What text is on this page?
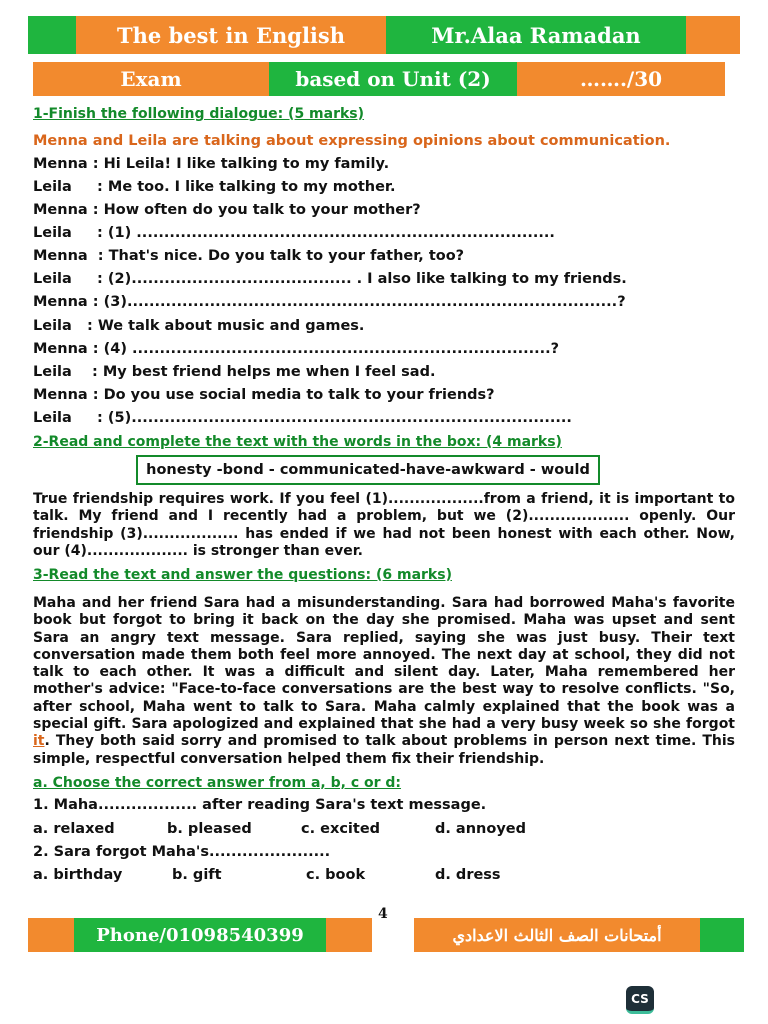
The best in English	Mr.Alaa Ramadan
Exam	based on Unit (2)	……./30
1-Finish the following dialogue: (5 marks)
Menna and Leila are talking about expressing opinions about communication.
Menna : Hi Leila! I like talking to my family.
Leila     : Me too. I like talking to my mother.
Menna : How often do you talk to your mother?
Leila     : (1) ............................................................................
Menna  : That's nice. Do you talk to your father, too?
Leila     : (2)........................................ . I also like talking to my friends.
Menna : (3).........................................................................................?
Leila   : We talk about music and games.
Menna : (4) ............................................................................?
Leila    : My best friend helps me when I feel sad.
Menna : Do you use social media to talk to your friends?
Leila     : (5)................................................................................
2-Read and complete the text with the words in the box: (4 marks)
honesty -bond - communicated-have-awkward - would
True friendship requires work. If you feel (1)..................from a friend, it is important to talk. My friend and I recently had a problem, but we (2)................... openly. Our friendship (3).................. has ended if we had not been honest with each other. Now, our (4)................... is stronger than ever.
3-Read the text and answer the questions: (6 marks)
Maha and her friend Sara had a misunderstanding. Sara had borrowed Maha's favorite book but forgot to bring it back on the day she promised. Maha was upset and sent Sara an angry text message. Sara replied, saying she was just busy. Their text conversation made them both feel more annoyed. The next day at school, they did not talk to each other. It was a difficult and silent day. Later, Maha remembered her mother's advice: "Face-to-face conversations are the best way to resolve conflicts. "So, after school, Maha went to talk to Sara. Maha calmly explained that the book was a special gift. Sara apologized and explained that she had a very busy week so she forgot it. They both said sorry and promised to talk about problems in person next time. This simple, respectful conversation helped them fix their friendship.
a. Choose the correct answer from a, b, c or d:
1. Maha.................. after reading Sara's text message.
a. relaxed	b. pleased	c. excited	d. annoyed
2. Sara forgot Maha's......................
a. birthday	b. gift	c. book	d. dress
4
Phone/01098540399	أمتحانات الصف الثالث الاعدادي
CS
